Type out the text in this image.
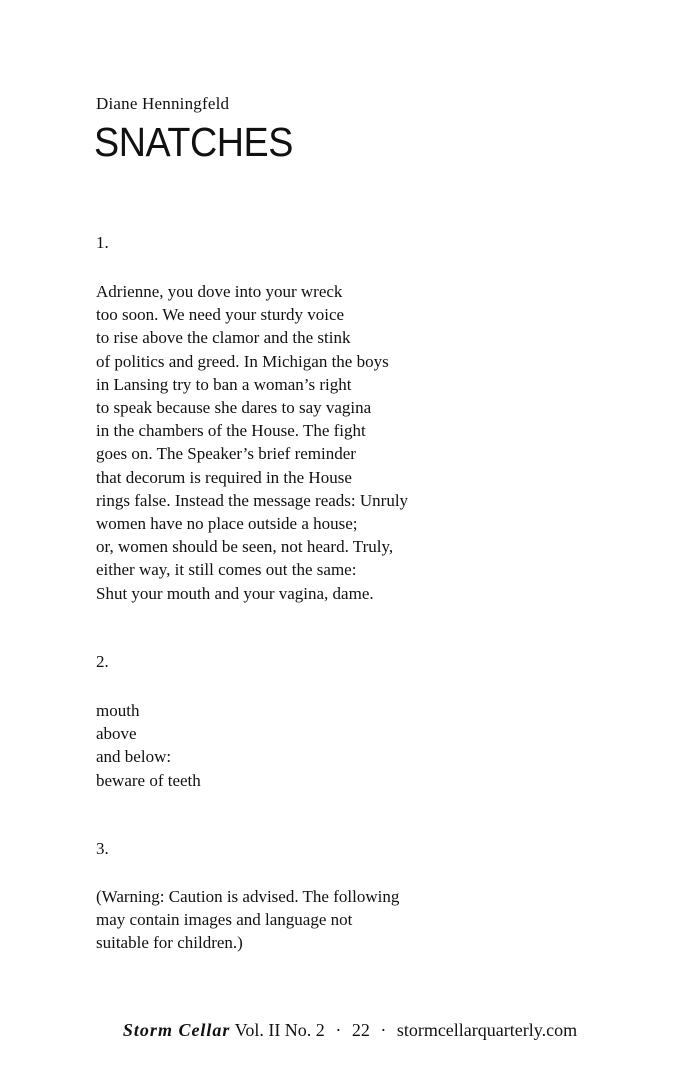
Diane Henningfeld
SNATCHES
1.
Adrienne, you dove into your wreck
too soon. We need your sturdy voice
to rise above the clamor and the stink
of politics and greed. In Michigan the boys
in Lansing try to ban a woman’s right
to speak because she dares to say vagina
in the chambers of the House. The fight
goes on. The Speaker’s brief reminder
that decorum is required in the House
rings false. Instead the message reads: Unruly
women have no place outside a house;
or, women should be seen, not heard. Truly,
either way, it still comes out the same:
Shut your mouth and your vagina, dame.
2.
mouth
above
and below:
beware of teeth
3.
(Warning: Caution is advised. The following
may contain images and language not
suitable for children.)
Storm Cellar Vol. II No. 2 · 22 · stormcellarquarterly.com
